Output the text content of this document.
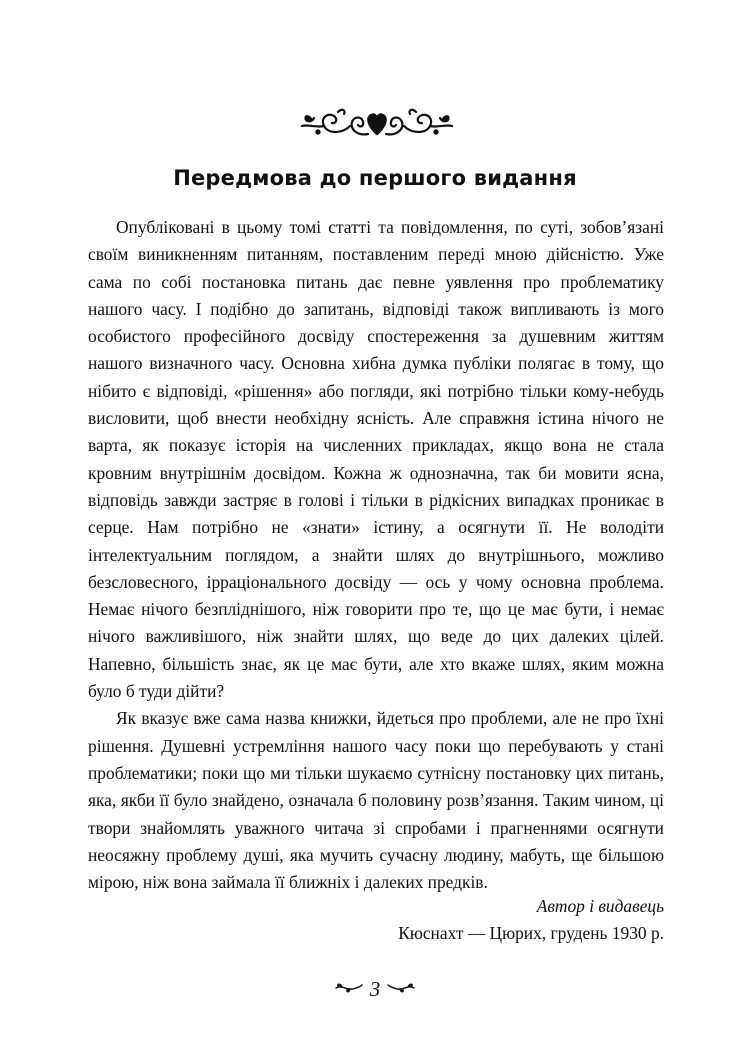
Передмова до першого видання

Опубліковані в цьому томі статті та повідомлення, по суті, зобов’язані своїм виникненням питанням, поставленим переді мною дійсністю. Уже сама по собі постановка питань дає певне уявлення про проблематику нашого часу. І подібно до запитань, відповіді також випливають із мого особистого професійного досвіду спостереження за душевним життям нашого визначного часу. Основна хибна думка публіки полягає в тому, що нібито є відповіді, «рішення» або погляди, які потрібно тільки кому-небудь висловити, щоб внести необхідну ясність. Але справжня істина нічого не варта, як показує історія на численних прикладах, якщо вона не стала кровним внутрішнім досвідом. Кожна ж однозначна, так би мовити ясна, відповідь завжди застряє в голові і тільки в рідкісних випадках проникає в серце. Нам потрібно не «знати» істину, а осягнути її. Не володіти інтелектуальним поглядом, а знайти шлях до внутрішнього, можливо безсловесного, ірраціонального досвіду — ось у чому основна проблема. Немає нічого безпліднішого, ніж говорити про те, що це має бути, і немає нічого важливішого, ніж знайти шлях, що веде до цих далеких цілей. Напевно, більшість знає, як це має бути, але хто вкаже шлях, яким можна було б туди дійти?

Як вказує вже сама назва книжки, йдеться про проблеми, але не про їхні рішення. Душевні устремління нашого часу поки що перебувають у стані проблематики; поки що ми тільки шукаємо сутнісну постановку цих питань, яка, якби її було знайдено, означала б половину розв’язання. Таким чином, ці твори знайомлять уважного читача зі спробами і прагненнями осягнути неосяжну проблему душі, яка мучить сучасну людину, мабуть, ще більшою мірою, ніж вона займала її ближніх і далеких предків.

Автор і видавець
Кюснахт — Цюрих, грудень 1930 р.
3
